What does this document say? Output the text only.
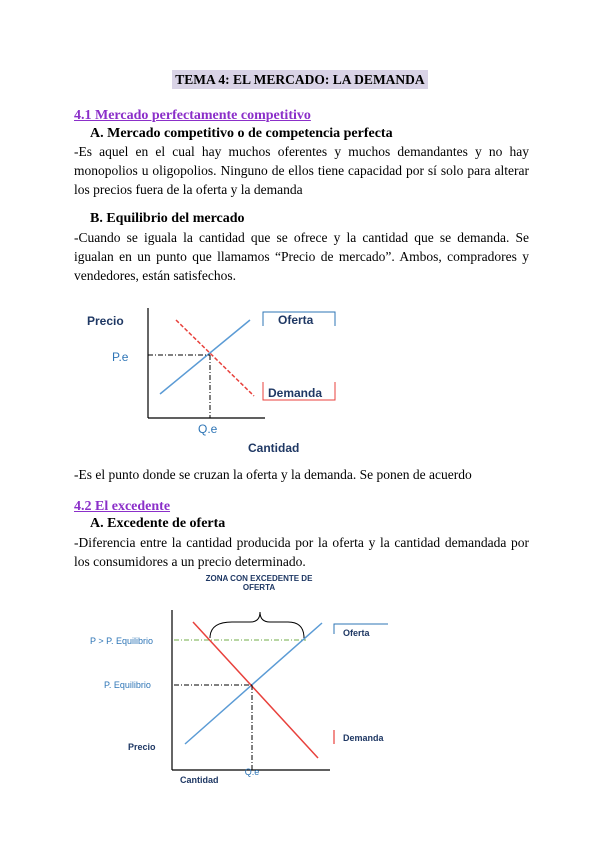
TEMA 4: EL MERCADO: LA DEMANDA
4.1 Mercado perfectamente competitivo
A. Mercado competitivo o de competencia perfecta
-Es aquel en el cual hay muchos oferentes y muchos demandantes y no hay monopolios u oligopolios. Ninguno de ellos tiene capacidad por sí solo para alterar los precios fuera de la oferta y la demanda
B. Equilibrio del mercado
-Cuando se iguala la cantidad que se ofrece y la cantidad que se demanda. Se igualan en un punto que llamamos “Precio de mercado”. Ambos, compradores y vendedores, están satisfechos.
Precio
P.e
Q.e
Cantidad
Oferta
Demanda
-Es el punto donde se cruzan la oferta y la demanda. Se ponen de acuerdo
4.2 El excedente
A. Excedente de oferta
-Diferencia entre la cantidad producida por la oferta y la cantidad demandada por los consumidores a un precio determinado.
ZONA CON EXCEDENTE DE
OFERTA
P > P. Equilibrio
P. Equilibrio
Precio
Q.e
Cantidad
Oferta
Demanda
